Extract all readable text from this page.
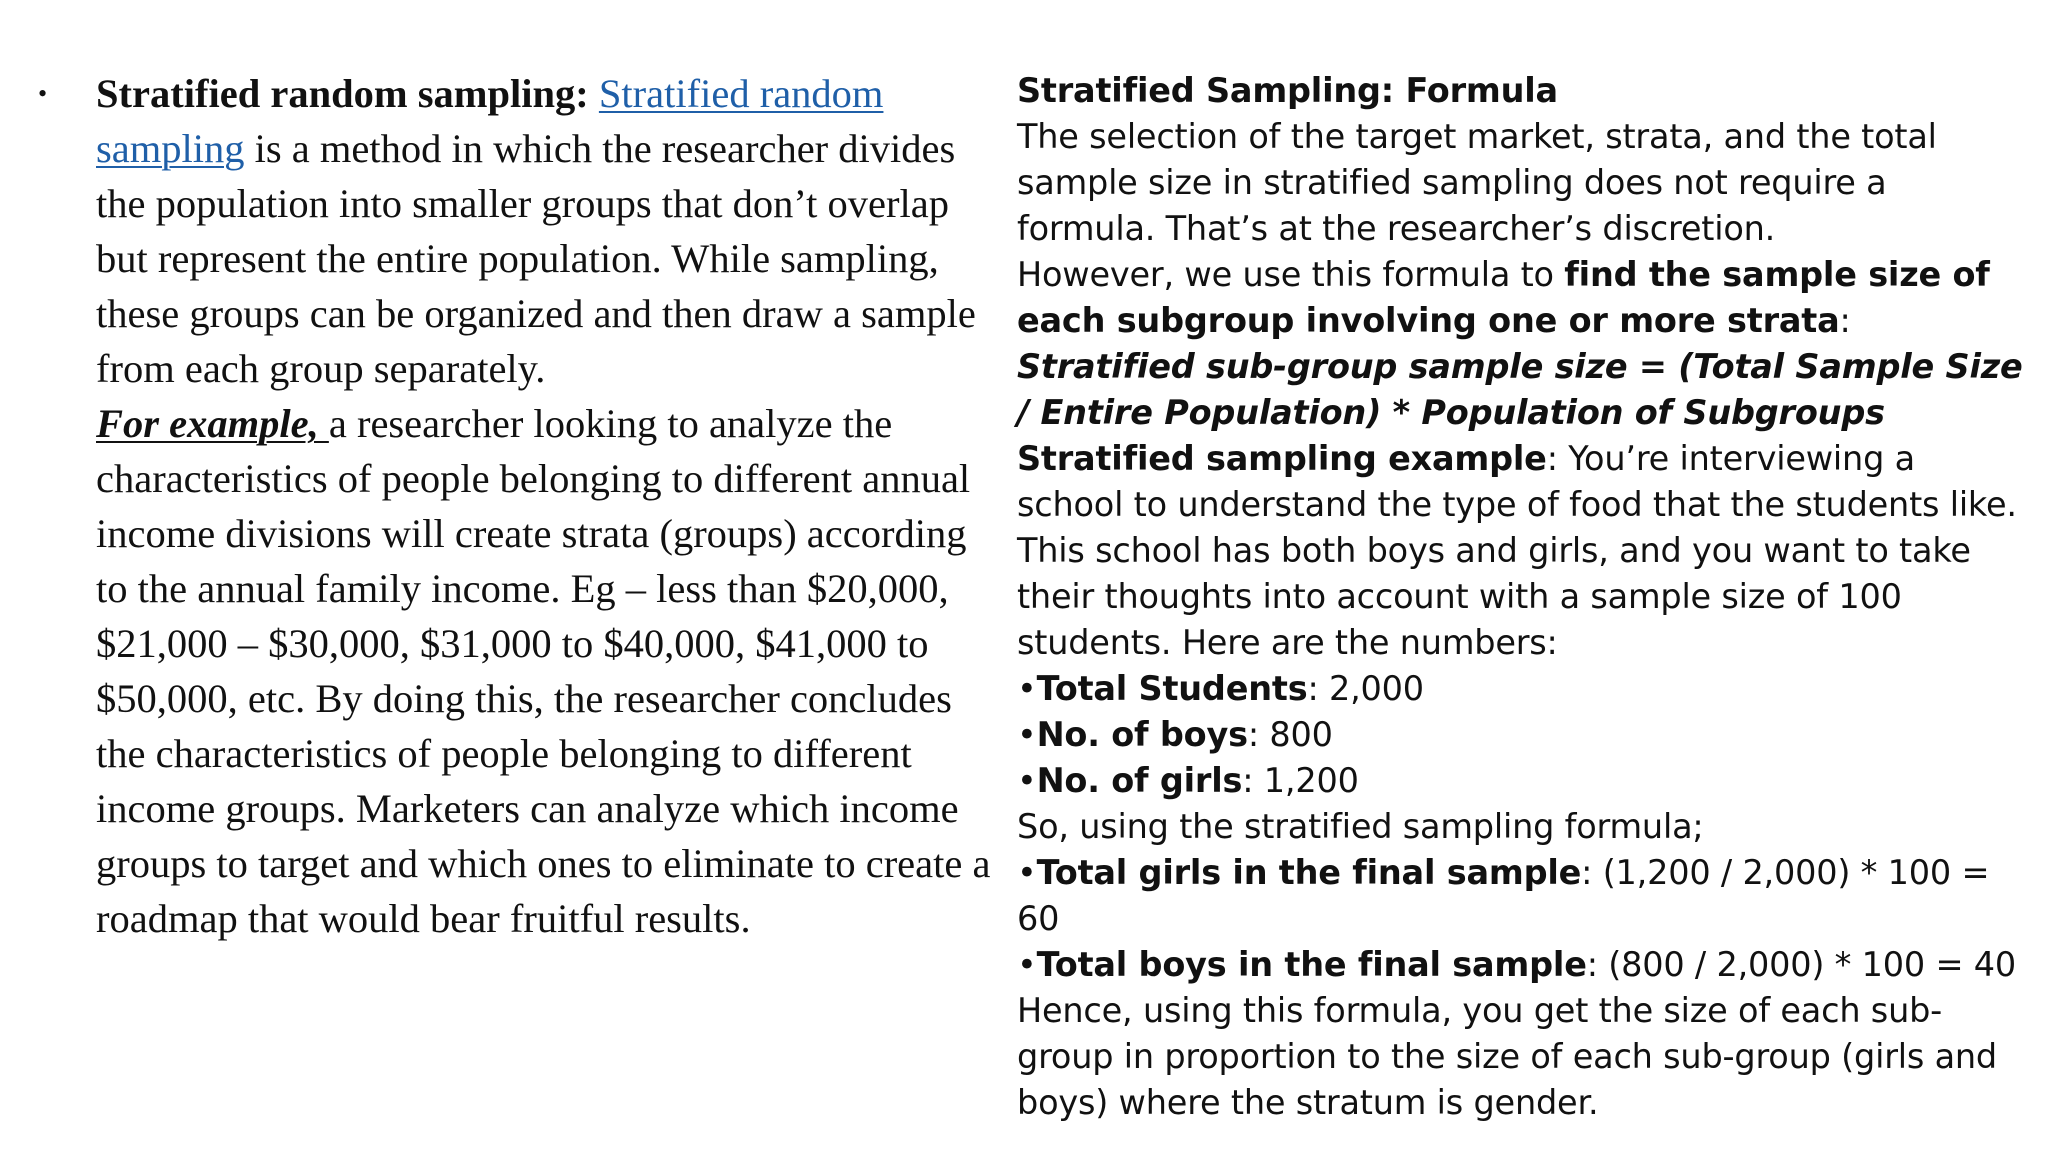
• Stratified random sampling: Stratified random sampling is a method in which the researcher divides the population into smaller groups that don’t overlap but represent the entire population. While sampling, these groups can be organized and then draw a sample from each group separately.

For example, a researcher looking to analyze the characteristics of people belonging to different annual income divisions will create strata (groups) according to the annual family income. Eg – less than $20,000, $21,000 – $30,000, $31,000 to $40,000, $41,000 to $50,000, etc. By doing this, the researcher concludes the characteristics of people belonging to different income groups. Marketers can analyze which income groups to target and which ones to eliminate to create a roadmap that would bear fruitful results.

Stratified Sampling: Formula

The selection of the target market, strata, and the total sample size in stratified sampling does not require a formula. That’s at the researcher’s discretion.

However, we use this formula to find the sample size of each subgroup involving one or more strata:

Stratified sub-group sample size = (Total Sample Size / Entire Population) * Population of Subgroups

Stratified sampling example: You’re interviewing a school to understand the type of food that the students like. This school has both boys and girls, and you want to take their thoughts into account with a sample size of 100 students. Here are the numbers:

•Total Students: 2,000

•No. of boys: 800

•No. of girls: 1,200

So, using the stratified sampling formula;

•Total girls in the final sample: (1,200 / 2,000) * 100 = 60

•Total boys in the final sample: (800 / 2,000) * 100 = 40

Hence, using this formula, you get the size of each sub-group in proportion to the size of each sub-group (girls and boys) where the stratum is gender.
